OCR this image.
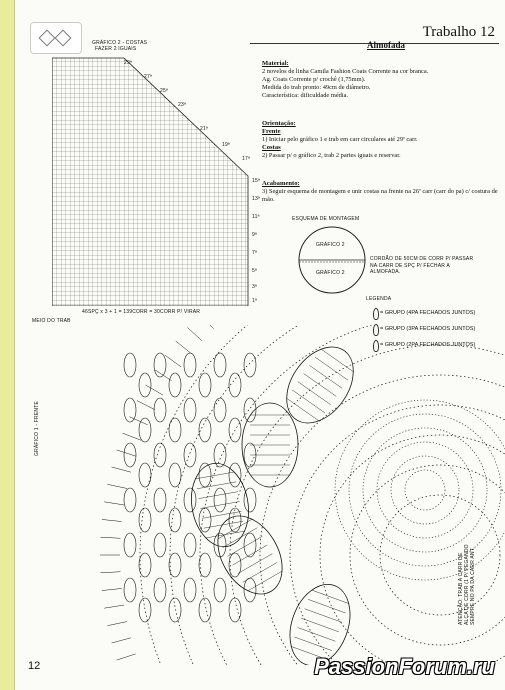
Trabalho 12
Almofada
Material:
2 novelos de linha Camila Fashion Coats Corrente na cor branca.
Ag. Coats Corrente p/ crochê (1,75mm).
Medida do trab pronto: 49cm de diâmetro.
Característica: dificuldade média.
Orientação:
Frente
1) Iniciar pelo gráfico 1 e trab em carr circulares até 29ª carr.
Costas
2) Passar p/ o gráfico 2, trab 2 partes iguais e reservar.
Acabamento:
3) Seguir esquema de montagem e unir costas na frente na 26ª carr (carr do pa) c/ costura de mão.
GRÁFICO 2 - COSTAS
FAZER 2 IGUAIS
29ª
27ª
25ª
23ª
21ª
19ª
17ª
15ª
13ª
11ª
9ª
7ª
5ª
3ª
1ª
46SPÇ x 3 + 1 = 139CORR = 30CORR P/ VIRAR
MEIO DO TRAB
ESQUEMA DE MONTAGEM
GRÁFICO 2
GRÁFICO 2
CORDÃO DE 50CM DE CORR P/ PASSAR NA CARR DE SPÇ P/ FECHAR A ALMOFADA.
LEGENDA
= GRUPO (4PA FECHADOS JUNTOS)
= GRUPO (3PA FECHADOS JUNTOS)
= GRUPO (2PA FECHADOS JUNTOS)
GRÁFICO 1 - FRENTE
ATENÇÃO: TRAB A CARR DE ALÇA DE CORR (1 P/ PEGANDO SEMPRE NO PA DA CARR ANT.
12	PassionForum.ru
